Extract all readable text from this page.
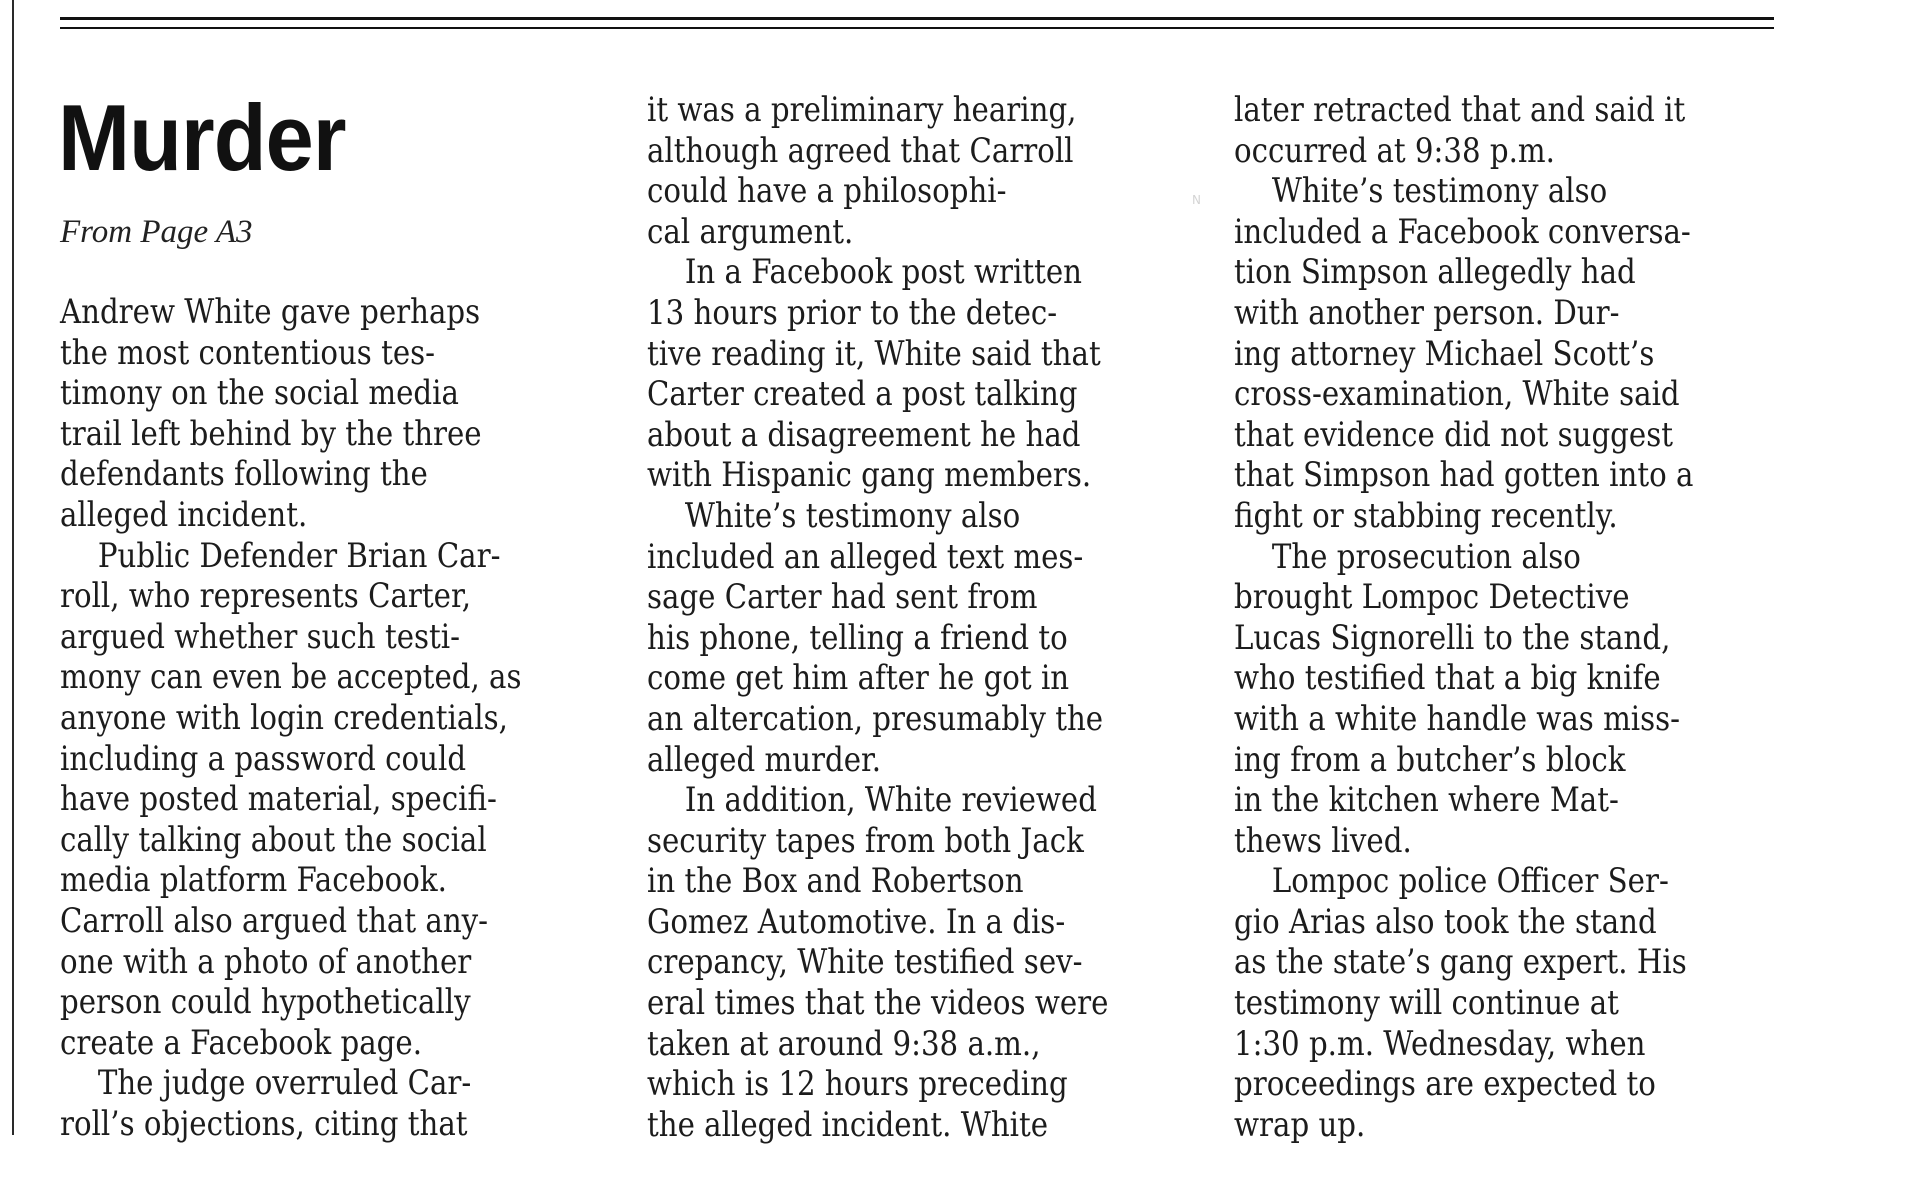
Murder
From Page A3
Andrew White gave perhaps
the most contentious tes-
timony on the social media
trail left behind by the three
defendants following the
alleged incident.
Public Defender Brian Car-
roll, who represents Carter,
argued whether such testi-
mony can even be accepted, as
anyone with login credentials,
including a password could
have posted material, specifi-
cally talking about the social
media platform Facebook.
Carroll also argued that any-
one with a photo of another
person could hypothetically
create a Facebook page.
The judge overruled Car-
roll’s objections, citing that
it was a preliminary hearing,
although agreed that Carroll
could have a philosophi-
cal argument.
In a Facebook post written
13 hours prior to the detec-
tive reading it, White said that
Carter created a post talking
about a disagreement he had
with Hispanic gang members.
White’s testimony also
included an alleged text mes-
sage Carter had sent from
his phone, telling a friend to
come get him after he got in
an altercation, presumably the
alleged murder.
In addition, White reviewed
security tapes from both Jack
in the Box and Robertson
Gomez Automotive. In a dis-
crepancy, White testified sev-
eral times that the videos were
taken at around 9:38 a.m.,
which is 12 hours preceding
the alleged incident. White
later retracted that and said it
occurred at 9:38 p.m.
White’s testimony also
included a Facebook conversa-
tion Simpson allegedly had
with another person. Dur-
ing attorney Michael Scott’s
cross-examination, White said
that evidence did not suggest
that Simpson had gotten into a
fight or stabbing recently.
The prosecution also
brought Lompoc Detective
Lucas Signorelli to the stand,
who testified that a big knife
with a white handle was miss-
ing from a butcher’s block
in the kitchen where Mat-
thews lived.
Lompoc police Officer Ser-
gio Arias also took the stand
as the state’s gang expert. His
testimony will continue at
1:30 p.m. Wednesday, when
proceedings are expected to
wrap up.
N
